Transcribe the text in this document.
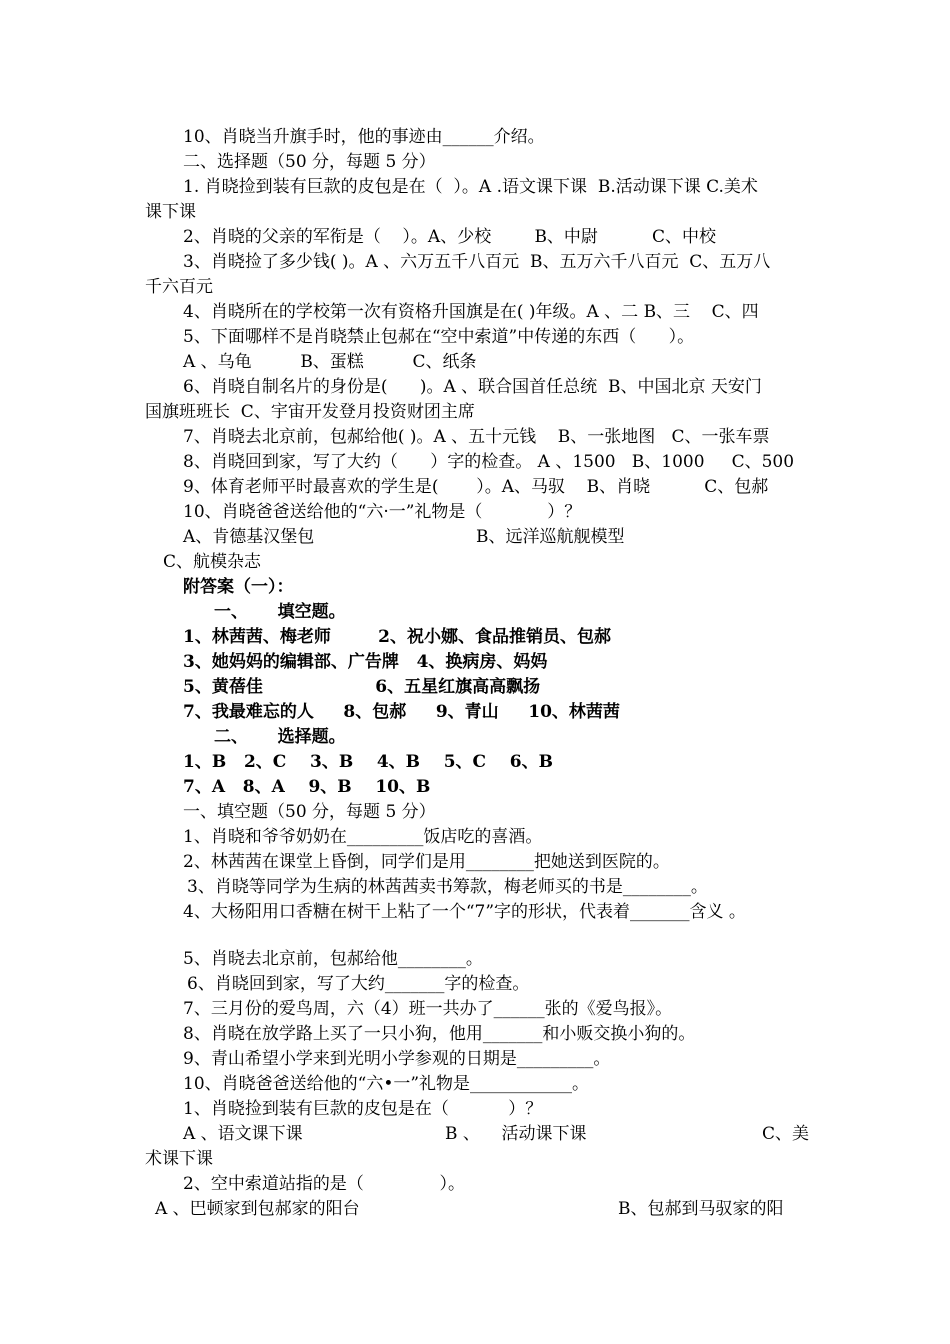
10、肖晓当升旗手时，他的事迹由______介绍。
二、选择题（50 分，每题 5 分）
1. 肖晓捡到装有巨款的皮包是在（  ）。A .语文课下课  B.活动课下课 C.美术
课下课
2、肖晓的父亲的军衔是（    ）。A、少校        B、中尉          C、中校
3、肖晓捡了多少钱( )。A 、六万五千八百元  B、五万六千八百元  C、五万八
千六百元
4、肖晓所在的学校第一次有资格升国旗是在( )年级。A 、二 B、三    C、四
5、下面哪样不是肖晓禁止包郝在“空中索道”中传递的东西（      ）。
A 、乌龟         B、蛋糕         C、纸条
6、肖晓自制名片的身份是(      )。A 、联合国首任总统  B、中国北京 天安门
国旗班班长  C、宇宙开发登月投资财团主席
7、肖晓去北京前，包郝给他( )。A 、五十元钱    B、一张地图   C、一张车票
8、肖晓回到家，写了大约（      ）字的检查。 A 、1500   B、1000     C、500
9、体育老师平时最喜欢的学生是(       ）。A、马驭    B、肖晓          C、包郝
10、肖晓爸爸送给他的“六·一”礼物是（            ）？
A、肯德基汉堡包	B、远洋巡航舰模型
C、航模杂志
附答案（一）：
一、     填空题。
1、林茜茜、梅老师        2、祝小娜、食品推销员、包郝
3、她妈妈的编辑部、广告牌   4、换病房、妈妈
5、黄蓓佳                   6、五星红旗高高飘扬
7、我最难忘的人     8、包郝     9、青山     10、林茜茜
二、     选择题。
1、B   2、C    3、B    4、B    5、C    6、B
7、A   8、A    9、B    10、B
一、填空题（50 分，每题 5 分）
1、肖晓和爷爷奶奶在_________饭店吃的喜酒。
2、林茜茜在课堂上昏倒，同学们是用________把她送到医院的。
3、肖晓等同学为生病的林茜茜卖书筹款，梅老师买的书是________。
4、大杨阳用口香糖在树干上粘了一个“7”字的形状，代表着_______含义 。
5、肖晓去北京前，包郝给他________。
6、肖晓回到家，写了大约_______字的检查。
7、三月份的爱鸟周，六（4）班一共办了______张的《爱鸟报》。
8、肖晓在放学路上买了一只小狗，他用_______和小贩交换小狗的。
9、青山希望小学来到光明小学参观的日期是_________。
10、肖晓爸爸送给他的“六•一”礼物是____________。
1、肖晓捡到装有巨款的皮包是在（           ）？
A 、语文课下课	B 、    活动课下课	C、美
术课下课
2、空中索道站指的是（              ）。
A 、巴顿家到包郝家的阳台	B、包郝到马驭家的阳
